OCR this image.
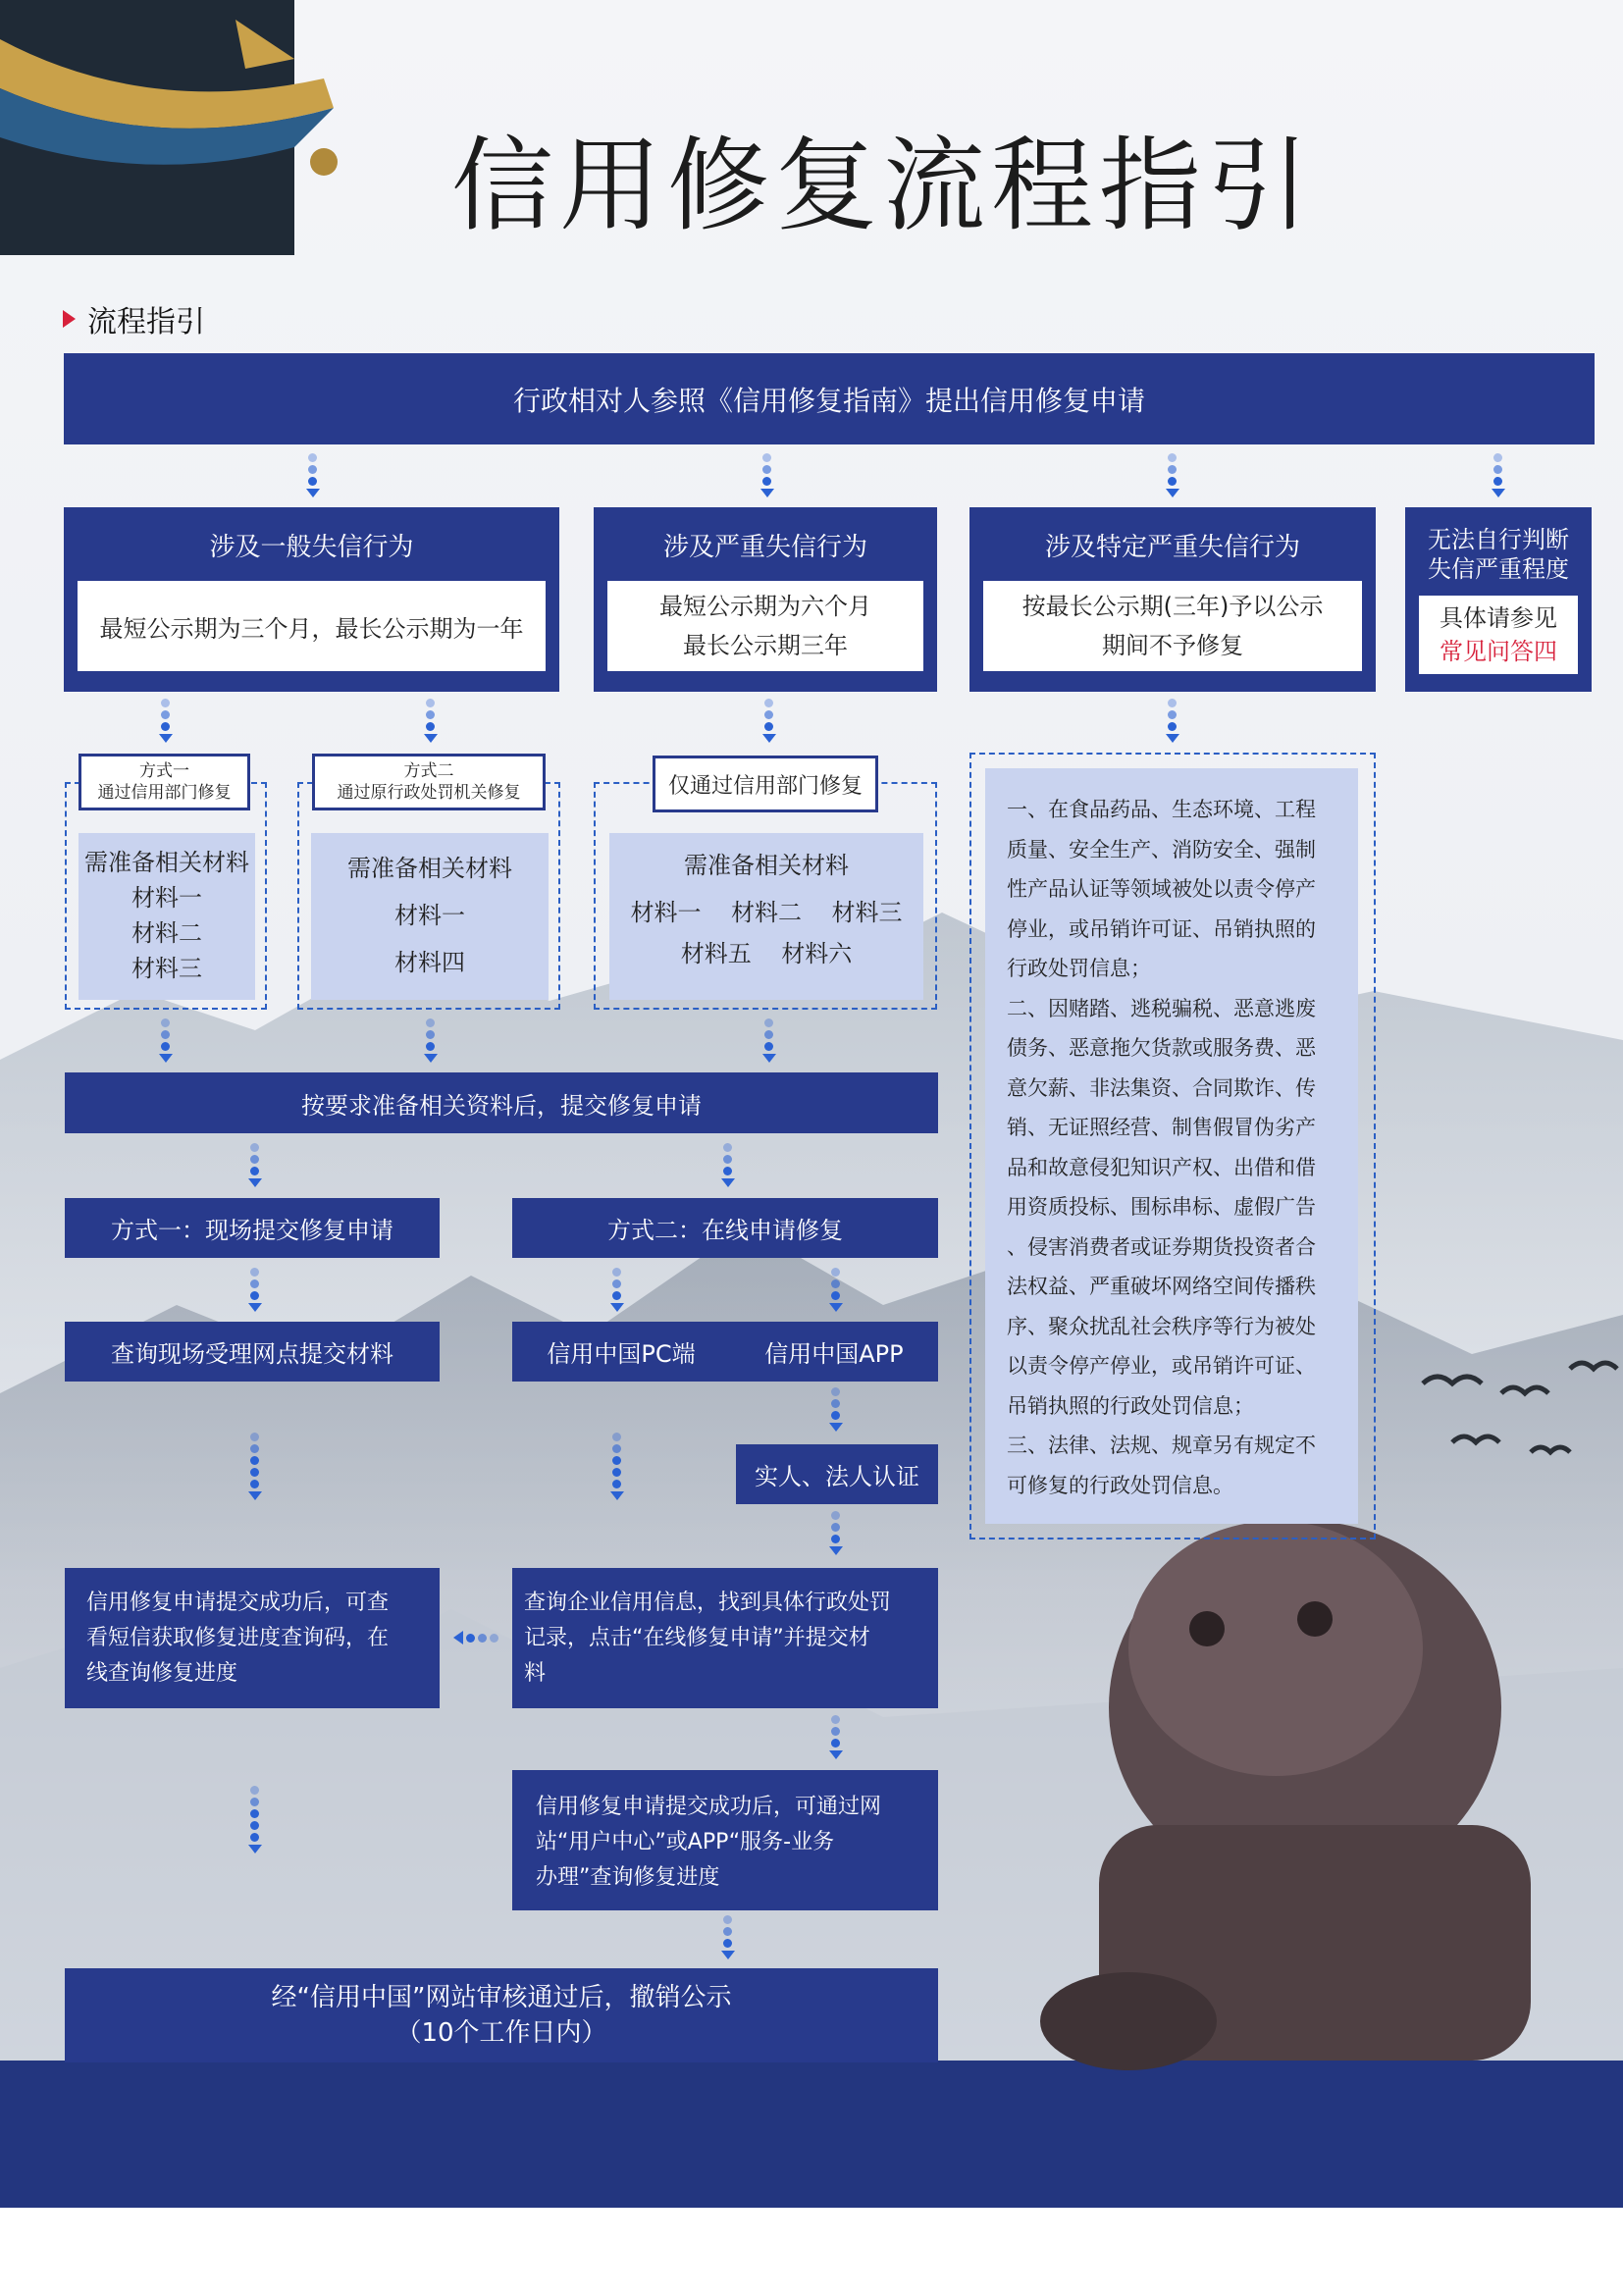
信用修复流程指引
流程指引
行政相对人参照《信用修复指南》提出信用修复申请
涉及一般失信行为
最短公示期为三个月，最长公示期为一年
涉及严重失信行为

最短公示期为六个月

最长公示期三年

涉及特定严重失信行为

按最长公示期(三年)予以公示

期间不予修复

无法自行判断

失信严重程度

具体请参见

常见问答四

需准备相关材料
材料一
材料二
材料三

方式一

通过信用部门修复

需准备相关材料
材料一
材料四

方式二

通过原行政处罚机关修复

需准备相关材料
材料一    材料二    材料三
材料五    材料六
仅通过信用部门修复
一、在食品药品、生态环境、工程
质量、安全生产、消防安全、强制
性产品认证等领域被处以责令停产
停业，或吊销许可证、吊销执照的
行政处罚信息；
二、因赌踏、逃税骗税、恶意逃废
债务、恶意拖欠货款或服务费、恶
意欠薪、非法集资、合同欺诈、传
销、无证照经营、制售假冒伪劣产
品和故意侵犯知识产权、出借和借
用资质投标、围标串标、虚假广告
、侵害消费者或证券期货投资者合
法权益、严重破坏网络空间传播秩
序、聚众扰乱社会秩序等行为被处
以责令停产停业，或吊销许可证、
吊销执照的行政处罚信息；
三、法律、法规、规章另有规定不
可修复的行政处罚信息。
按要求准备相关资料后，提交修复申请
方式一：现场提交修复申请
查询现场受理网点提交材料
方式二：在线申请修复
信用中国PC端	信用中国APP
实人、法人认证
信用修复申请提交成功后，可查
看短信获取修复进度查询码，在
线查询修复进度
查询企业信用信息，找到具体行政处罚
记录，点击“在线修复申请”并提交材
料
信用修复申请提交成功后，可通过网
站“用户中心”或APP“服务-业务
办理”查询修复进度

经“信用中国”网站审核通过后，撤销公示

（10个工作日内）
